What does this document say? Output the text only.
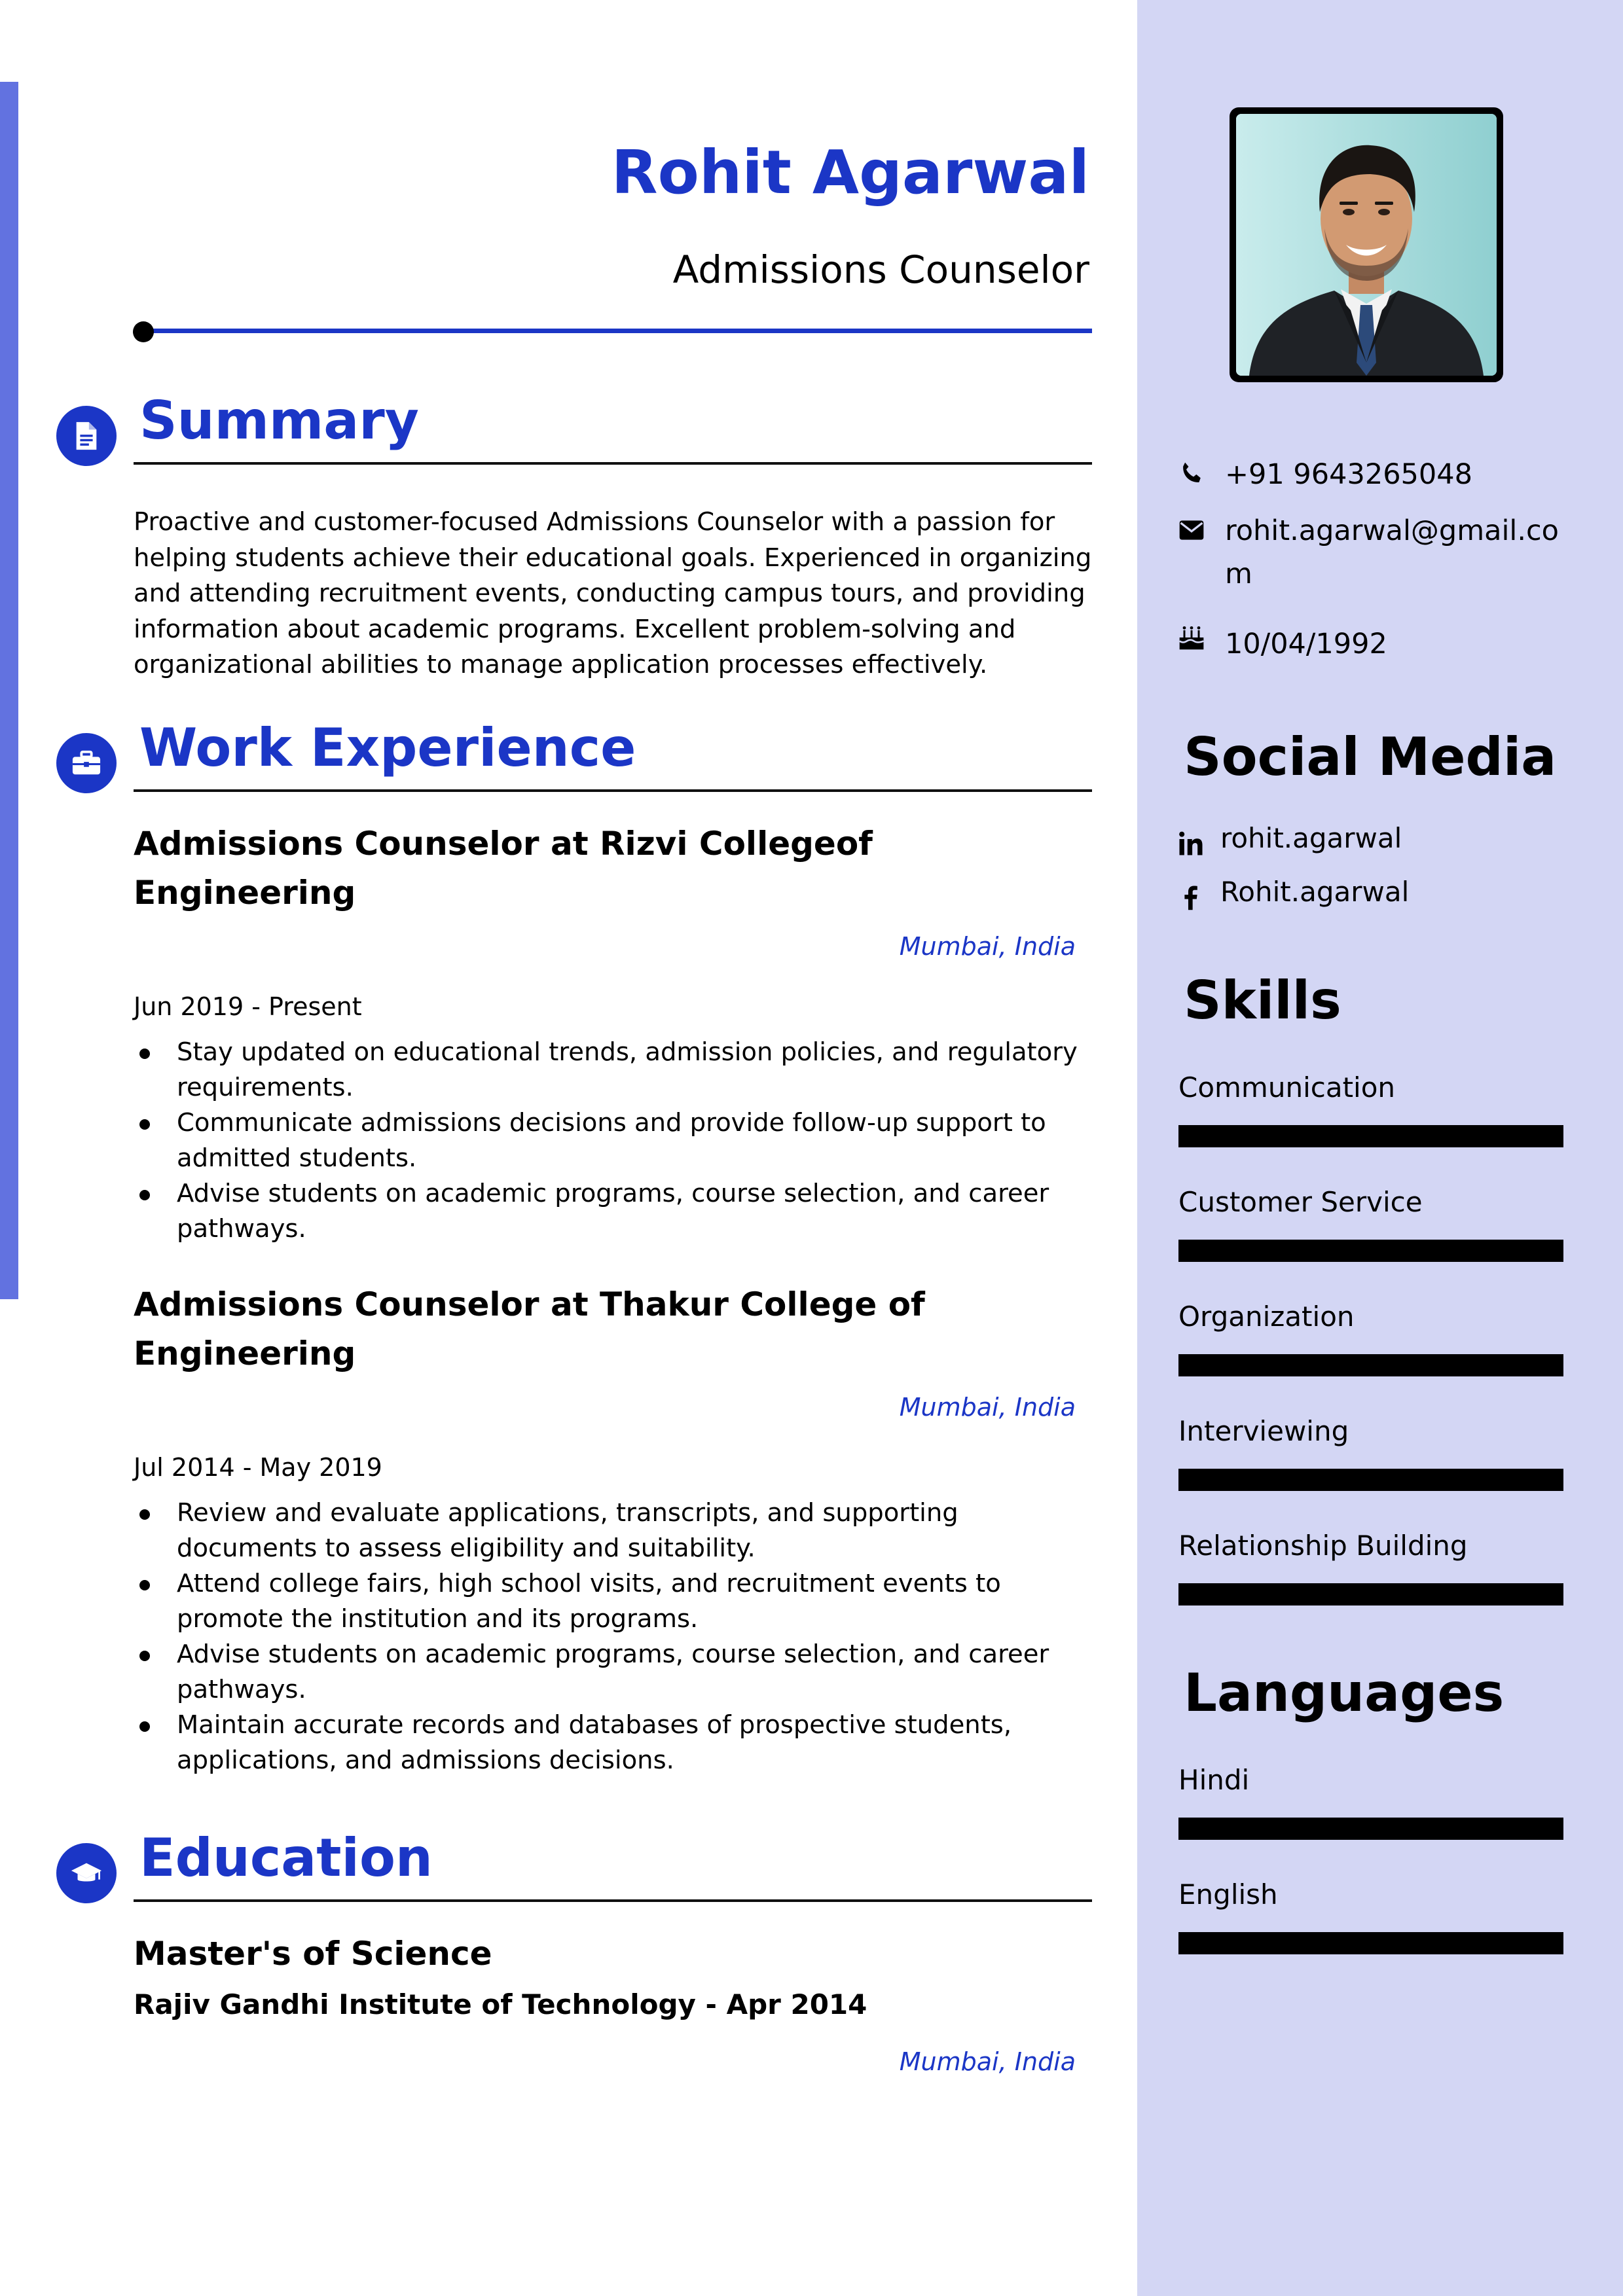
Rohit Agarwal
Admissions Counselor
Summary
Proactive and customer-focused Admissions Counselor with a passion for helping students achieve their educational goals. Experienced in organizing and attending recruitment events, conducting campus tours, and providing information about academic programs. Excellent problem-solving and organizational abilities to manage application processes effectively.
Work Experience
Admissions Counselor at Rizvi Collegeof Engineering
Mumbai, India
Jun 2019 - Present
Stay updated on educational trends, admission policies, and regulatory requirements.
Communicate admissions decisions and provide follow-up support to admitted students.
Advise students on academic programs, course selection, and career pathways.
Admissions Counselor at Thakur College of Engineering
Mumbai, India
Jul 2014 - May 2019
Review and evaluate applications, transcripts, and supporting documents to assess eligibility and suitability.
Attend college fairs, high school visits, and recruitment events to promote the institution and its programs.
Advise students on academic programs, course selection, and career pathways.
Maintain accurate records and databases of prospective students, applications, and admissions decisions.
Education
Master's of Science
Rajiv Gandhi Institute of Technology - Apr 2014
Mumbai, India
+91 9643265048
rohit.agarwal@gmail.com
10/04/1992
Social Media
rohit.agarwal
Rohit.agarwal
Skills
Communication
Customer Service
Organization
Interviewing
Relationship Building
Languages
Hindi
English
